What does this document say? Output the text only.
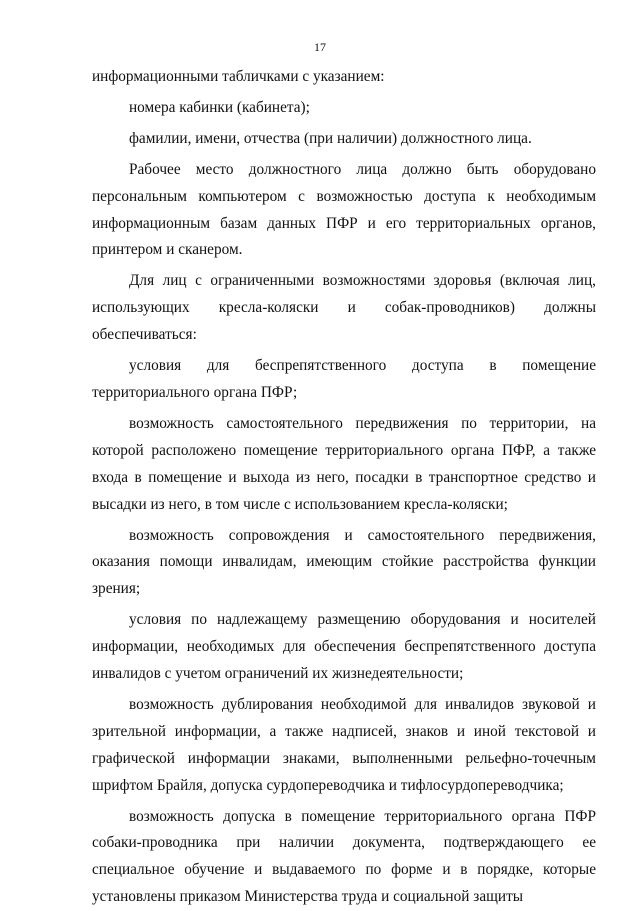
17

информационными табличками с указанием:

номера кабинки (кабинета);

фамилии, имени, отчества (при наличии) должностного лица.

Рабочее место должностного лица должно быть оборудовано персональным компьютером с возможностью доступа к необходимым информационным базам данных ПФР и его территориальных органов, принтером и сканером.

Для лиц с ограниченными возможностями здоровья (включая лиц, использующих кресла-коляски и собак-проводников) должны обеспечиваться:

условия для беспрепятственного доступа в помещение территориального органа ПФР;

возможность самостоятельного передвижения по территории, на которой расположено помещение территориального органа ПФР, а также входа в помещение и выхода из него, посадки в транспортное средство и высадки из него, в том числе с использованием кресла-коляски;

возможность сопровождения и самостоятельного передвижения, оказания помощи инвалидам, имеющим стойкие расстройства функции зрения;

условия по надлежащему размещению оборудования и носителей информации, необходимых для обеспечения беспрепятственного доступа инвалидов с учетом ограничений их жизнедеятельности;

возможность дублирования необходимой для инвалидов звуковой и зрительной информации, а также надписей, знаков и иной текстовой и графической информации знаками, выполненными рельефно-точечным шрифтом Брайля, допуска сурдопереводчика и тифлосурдопереводчика;

возможность допуска в помещение территориального органа ПФР собаки-проводника при наличии документа, подтверждающего ее специальное обучение и выдаваемого по форме и в порядке, которые установлены приказом Министерства труда и социальной защиты
